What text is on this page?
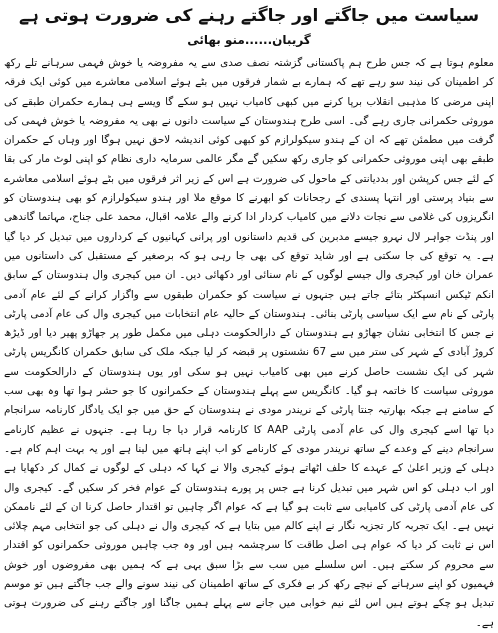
سیاست میں جاگتے اور جاگتے رہنے کی ضرورت ہوتی ہے
گریبان......منو بھائی

معلوم ہوتا ہے کہ جس طرح ہم پاکستانی گزشتہ نصف صدی سے یہ مفروضہ یا خوش فہمی سرہانے تلے رکھ کر اطمینان کی نیند سو رہے تھے کہ ہمارے بے شمار فرقوں میں بٹے ہوئے اسلامی معاشرے میں کوئی ایک فرقہ اپنی مرضی کا مذہبی انقلاب برپا کرنے میں کبھی کامیاب نہیں ہو سکے گا ویسے ہی ہمارے حکمران طبقے کی موروثی حکمرانی جاری رہے گی۔ اسی طرح ہندوستان کے سیاست دانوں نے بھی یہ مفروضہ یا خوش فہمی کی گرفت میں مطمئن تھے کہ ان کے ہندو سیکولرازم کو کبھی کوئی اندیشہ لاحق نہیں ہوگا اور وہاں کے حکمران طبقے بھی اپنی موروثی حکمرانی کو جاری رکھ سکیں گے مگر عالمی سرمایہ داری نظام کو اپنی لوٹ مار کی بقا کے لئے جس کرپشن اور بددیانتی کے ماحول کی ضرورت ہے اس کے زیر اثر فرقوں میں بٹے ہوئے اسلامی معاشرے سے بنیاد پرستی اور انتہا پسندی کے رجحانات کو ابھرنے کا موقع ملا اور ہندو سیکولرازم کو بھی ہندوستان کو انگریزوں کی غلامی سے نجات دلانے میں کامیاب کردار ادا کرنے والے علامہ اقبال، محمد علی جناح، مہاتما گاندھی اور پنڈت جواہر لال نہرو جیسے مدبرین کی قدیم داستانوں اور پرانی کہانیوں کے کرداروں میں تبدیل کر دیا گیا ہے۔ یہ توقع کی جا سکتی ہے اور شاید توقع کی بھی جا رہی ہو کہ برصغیر کے مستقبل کی داستانوں میں عمران خان اور کیجری وال جیسے لوگوں کے نام سنائی اور دکھائی دیں۔ ان میں کیجری وال ہندوستان کے سابق انکم ٹیکس انسپکٹر بتائے جاتے ہیں جنہوں نے سیاست کو حکمران طبقوں سے واگزار کرانے کے لئے عام آدمی پارٹی کے نام سے ایک سیاسی پارٹی بنائی۔ ہندوستان کے حالیہ عام انتخابات میں کیجری وال کی عام آدمی پارٹی نے جس کا انتخابی نشان جھاڑو ہے ہندوستان کے دارالحکومت دہلی میں مکمل طور پر جھاڑو پھیر دیا اور ڈیڑھ کروڑ آبادی کے شہر کی ستر میں سے 67 نشستوں پر قبضہ کر لیا جبکہ ملک کی سابق حکمران کانگریس پارٹی شہر کی ایک نشست حاصل کرنے میں بھی کامیاب نہیں ہو سکی اور یوں ہندوستان کے دارالحکومت سے موروثی سیاست کا خاتمہ ہو گیا۔ کانگریس سے پہلے ہندوستان کے حکمرانوں کا جو حشر ہوا تھا وہ بھی سب کے سامنے ہے جبکہ بھارتیہ جنتا پارٹی کے نریندر مودی نے ہندوستان کے حق میں جو ایک یادگار کارنامہ سرانجام دیا تھا اسے کیجری وال کی عام آدمی پارٹی AAP کا کارنامہ قرار دیا جا رہا ہے۔ جنہوں نے عظیم کارنامے سرانجام دینے کے وعدے کے ساتھ نریندر مودی کے کارنامے کو اب اپنے ہاتھ میں لینا ہے اور یہ بہت اہم کام ہے۔ دہلی کے وزیر اعلیٰ کے عہدے کا حلف اٹھاتے ہوئے کیجری والا نے کہا کہ دہلی کے لوگوں نے کمال کر دکھایا ہے اور اب دہلی کو اس شہر میں تبدیل کرنا ہے جس پر پورے ہندوستان کے عوام فخر کر سکیں گے۔ کیجری وال کی عام آدمی پارٹی کی کامیابی سے ثابت ہو گیا ہے کہ عوام اگر چاہیں تو اقتدار حاصل کرنا ان کے لئے ناممکن نہیں ہے۔ ایک تجربہ کار تجزیہ نگار نے اپنے کالم میں بتایا ہے کہ کیجری وال نے دہلی کی جو انتخابی مہم چلائی اس نے ثابت کر دیا کہ عوام ہی اصل طاقت کا سرچشمہ ہیں اور وہ جب چاہیں موروثی حکمرانوں کو اقتدار سے محروم کر سکتے ہیں۔ اس سلسلے میں سب سے بڑا سبق یہی ہے کہ ہمیں بھی مفروضوں اور خوش فہمیوں کو اپنے سرہانے کے نیچے رکھ کر بے فکری کے ساتھ اطمینان کی نیند سونے والے جب جاگتے ہیں تو موسم تبدیل ہو چکے ہوتے ہیں اس لئے نیم خوابی میں جانے سے پہلے ہمیں جاگنا اور جاگتے رہنے کی ضرورت ہوتی ہے۔
